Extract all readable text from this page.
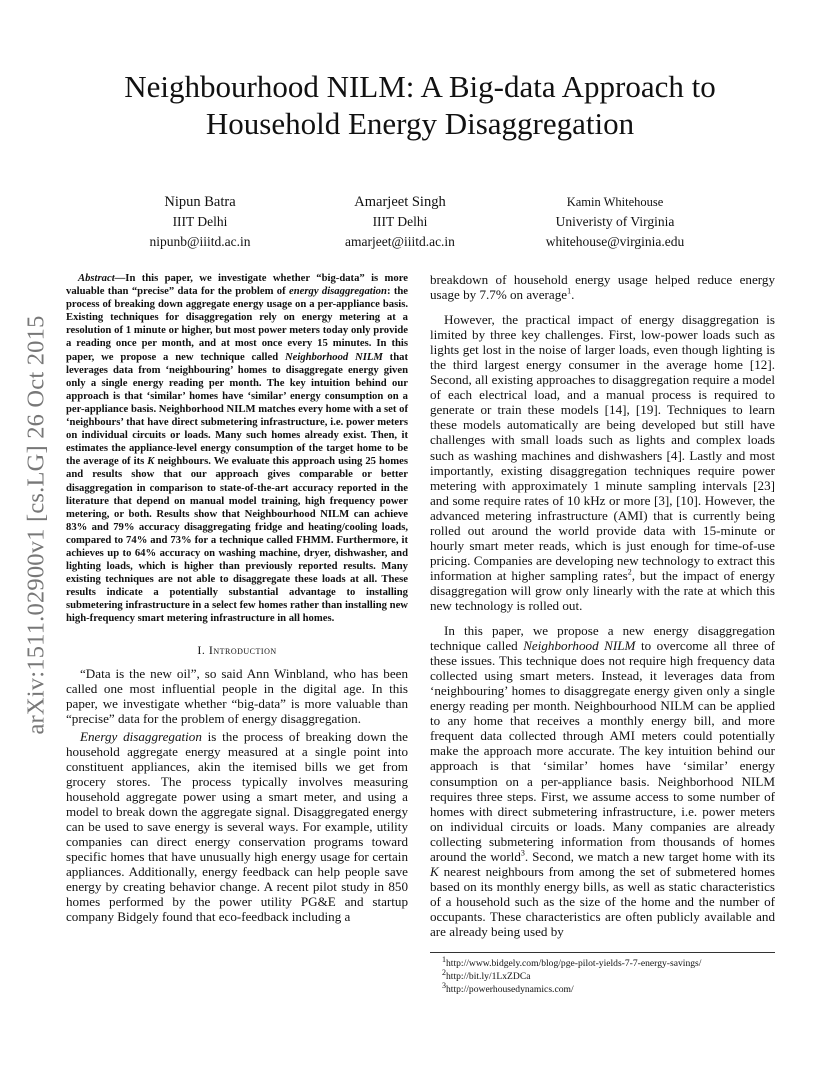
arXiv:1511.02900v1 [cs.LG] 26 Oct 2015
Neighbourhood NILM: A Big-data Approach to Household Energy Disaggregation
Nipun Batra
IIIT Delhi
nipunb@iiitd.ac.in
Amarjeet Singh
IIIT Delhi
amarjeet@iiitd.ac.in
Kamin Whitehouse
Univeristy of Virginia
whitehouse@virginia.edu

Abstract—In this paper, we investigate whether “big-data” is more valuable than “precise” data for the problem of energy disaggregation: the process of breaking down aggregate energy usage on a per-appliance basis. Existing techniques for disaggregation rely on energy metering at a resolution of 1 minute or higher, but most power meters today only provide a reading once per month, and at most once every 15 minutes. In this paper, we propose a new technique called Neighborhood NILM that leverages data from ‘neighbouring’ homes to disaggregate energy given only a single energy reading per month. The key intuition behind our approach is that ‘similar’ homes have ‘similar’ energy consumption on a per-appliance basis. Neighborhood NILM matches every home with a set of ‘neighbours’ that have direct submetering infrastructure, i.e. power meters on individual circuits or loads. Many such homes already exist. Then, it estimates the appliance-level energy consumption of the target home to be the average of its K neighbours. We evaluate this approach using 25 homes and results show that our approach gives comparable or better disaggregation in comparison to state-of-the-art accuracy reported in the literature that depend on manual model training, high frequency power metering, or both. Results show that Neighbourhood NILM can achieve 83% and 79% accuracy disaggregating fridge and heating/cooling loads, compared to 74% and 73% for a technique called FHMM. Furthermore, it achieves up to 64% accuracy on washing machine, dryer, dishwasher, and lighting loads, which is higher than previously reported results. Many existing techniques are not able to disaggregate these loads at all. These results indicate a potentially substantial advantage to installing submetering infrastructure in a select few homes rather than installing new high-frequency smart metering infrastructure in all homes.

I. Introduction

“Data is the new oil”, so said Ann Winbland, who has been called one most influential people in the digital age. In this paper, we investigate whether “big-data” is more valuable than “precise” data for the problem of energy disaggregation.

Energy disaggregation is the process of breaking down the household aggregate energy measured at a single point into constituent appliances, akin the itemised bills we get from grocery stores. The process typically involves measuring household aggregate power using a smart meter, and using a model to break down the aggregate signal. Disaggregated energy can be used to save energy is several ways. For example, utility companies can direct energy conservation programs toward specific homes that have unusually high energy usage for certain appliances. Additionally, energy feedback can help people save energy by creating behavior change. A recent pilot study in 850 homes performed by the power utility PG&E and startup company Bidgely found that eco-feedback including a

breakdown of household energy usage helped reduce energy usage by 7.7% on average$^1$.

However, the practical impact of energy disaggregation is limited by three key challenges. First, low-power loads such as lights get lost in the noise of larger loads, even though lighting is the third largest energy consumer in the average home [12]. Second, all existing approaches to disaggregation require a model of each electrical load, and a manual process is required to generate or train these models [14], [19]. Techniques to learn these models automatically are being developed but still have challenges with small loads such as lights and complex loads such as washing machines and dishwashers [4]. Lastly and most importantly, existing disaggregation techniques require power metering with approximately 1 minute sampling intervals [23] and some require rates of 10 kHz or more [3], [10]. However, the advanced metering infrastructure (AMI) that is currently being rolled out around the world provide data with 15-minute or hourly smart meter reads, which is just enough for time-of-use pricing. Companies are developing new technology to extract this information at higher sampling rates$^2$, but the impact of energy disaggregation will grow only linearly with the rate at which this new technology is rolled out.

In this paper, we propose a new energy disaggregation technique called Neighborhood NILM to overcome all three of these issues. This technique does not require high frequency data collected using smart meters. Instead, it leverages data from ‘neighbouring’ homes to disaggregate energy given only a single energy reading per month. Neighbourhood NILM can be applied to any home that receives a monthly energy bill, and more frequent data collected through AMI meters could potentially make the approach more accurate. The key intuition behind our approach is that ‘similar’ homes have ‘similar’ energy consumption on a per-appliance basis. Neighborhood NILM requires three steps. First, we assume access to some number of homes with direct submetering infrastructure, i.e. power meters on individual circuits or loads. Many companies are already collecting submetering information from thousands of homes around the world$^3$. Second, we match a new target home with its K nearest neighbours from among the set of submetered homes based on its monthly energy bills, as well as static characteristics of a household such as the size of the home and the number of occupants. These characteristics are often publicly available and are already being used by

$^1$http://www.bidgely.com/blog/pge-pilot-yields-7-7-energy-savings/
$^2$http://bit.ly/1LxZDCa
$^3$http://powerhousedynamics.com/
